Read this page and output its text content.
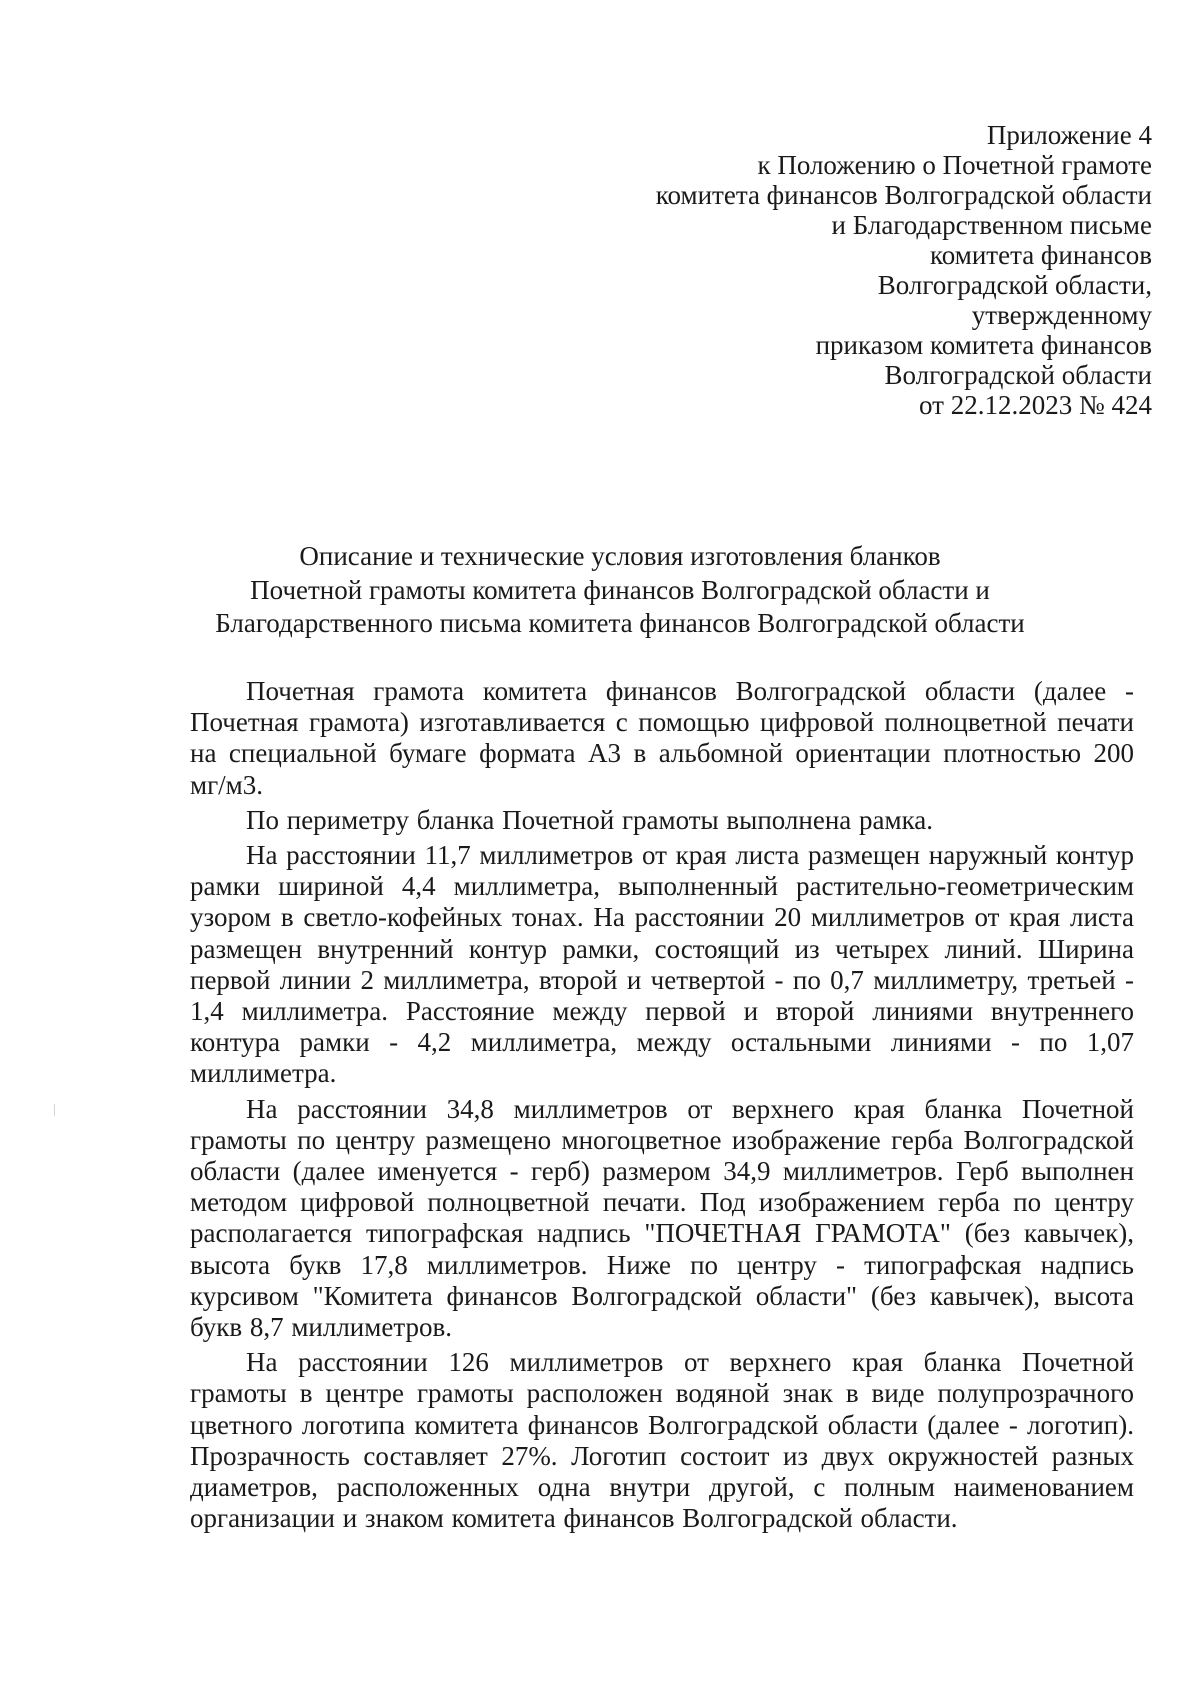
Приложение 4
к Положению о Почетной грамоте
комитета финансов Волгоградской области
и Благодарственном письме
комитета финансов
Волгоградской области,
утвержденному
приказом комитета финансов
Волгоградской области
от 22.12.2023 № 424
Описание и технические условия изготовления бланков
Почетной грамоты комитета финансов Волгоградской области и
Благодарственного письма комитета финансов Волгоградской области

Почетная грамота комитета финансов Волгоградской области (далее - Почетная грамота) изготавливается с помощью цифровой полноцветной печати на специальной бумаге формата А3 в альбомной ориентации плотностью 200 мг/м3.

По периметру бланка Почетной грамоты выполнена рамка.

На расстоянии 11,7 миллиметров от края листа размещен наружный контур рамки шириной 4,4 миллиметра, выполненный растительно-геометрическим узором в светло-кофейных тонах. На расстоянии 20 миллиметров от края листа размещен внутренний контур рамки, состоящий из четырех линий. Ширина первой линии 2 миллиметра, второй и четвертой - по 0,7 миллиметру, третьей - 1,4 миллиметра. Расстояние между первой и второй линиями внутреннего контура рамки - 4,2 миллиметра, между остальными линиями - по 1,07 миллиметра.

На расстоянии 34,8 миллиметров от верхнего края бланка Почетной грамоты по центру размещено многоцветное изображение герба Волгоградской области (далее именуется - герб) размером 34,9 миллиметров. Герб выполнен методом цифровой полноцветной печати. Под изображением герба по центру располагается типографская надпись "ПОЧЕТНАЯ ГРАМОТА" (без кавычек), высота букв 17,8 миллиметров. Ниже по центру - типографская надпись курсивом "Комитета финансов Волгоградской области" (без кавычек), высота букв 8,7 миллиметров.

На расстоянии 126 миллиметров от верхнего края бланка Почетной грамоты в центре грамоты расположен водяной знак в виде полупрозрачного цветного логотипа комитета финансов Волгоградской области (далее - логотип). Прозрачность составляет 27%. Логотип состоит из двух окружностей разных диаметров, расположенных одна внутри другой, с полным наименованием организации и знаком комитета финансов Волгоградской области.
